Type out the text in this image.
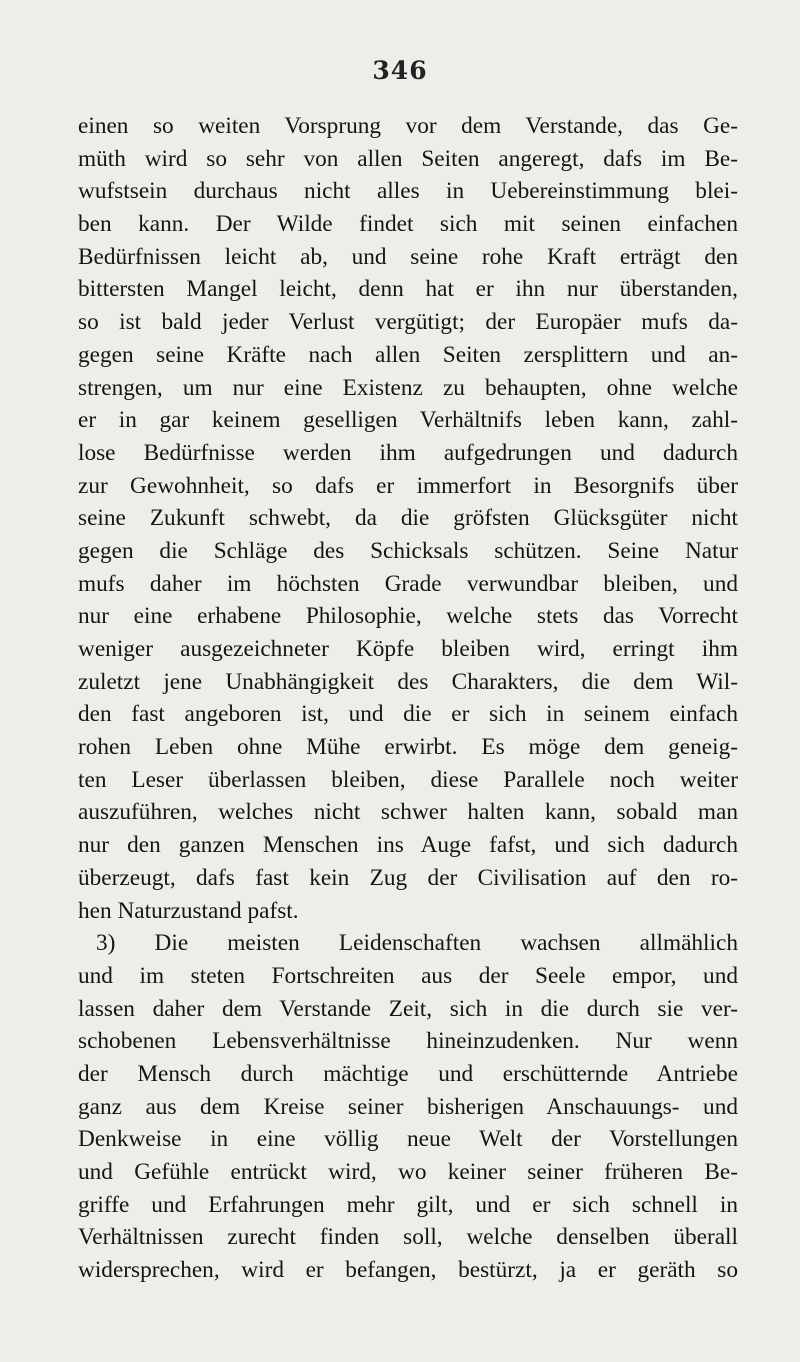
346
einen so weiten Vorsprung vor dem Verstande, das Ge-
müth wird so sehr von allen Seiten angeregt, dafs im Be-
wufstsein durchaus nicht alles in Uebereinstimmung blei-
ben kann. Der Wilde findet sich mit seinen einfachen
Bedürfnissen leicht ab, und seine rohe Kraft erträgt den
bittersten Mangel leicht, denn hat er ihn nur überstanden,
so ist bald jeder Verlust vergütigt; der Europäer mufs da-
gegen seine Kräfte nach allen Seiten zersplittern und an-
strengen, um nur eine Existenz zu behaupten, ohne welche
er in gar keinem geselligen Verhältnifs leben kann, zahl-
lose Bedürfnisse werden ihm aufgedrungen und dadurch
zur Gewohnheit, so dafs er immerfort in Besorgnifs über
seine Zukunft schwebt, da die gröfsten Glücksgüter nicht
gegen die Schläge des Schicksals schützen. Seine Natur
mufs daher im höchsten Grade verwundbar bleiben, und
nur eine erhabene Philosophie, welche stets das Vorrecht
weniger ausgezeichneter Köpfe bleiben wird, erringt ihm
zuletzt jene Unabhängigkeit des Charakters, die dem Wil-
den fast angeboren ist, und die er sich in seinem einfach
rohen Leben ohne Mühe erwirbt. Es möge dem geneig-
ten Leser überlassen bleiben, diese Parallele noch weiter
auszuführen, welches nicht schwer halten kann, sobald man
nur den ganzen Menschen ins Auge fafst, und sich dadurch
überzeugt, dafs fast kein Zug der Civilisation auf den ro-
hen Naturzustand pafst.
3) Die meisten Leidenschaften wachsen allmählich
und im steten Fortschreiten aus der Seele empor, und
lassen daher dem Verstande Zeit, sich in die durch sie ver-
schobenen Lebensverhältnisse hineinzudenken. Nur wenn
der Mensch durch mächtige und erschütternde Antriebe
ganz aus dem Kreise seiner bisherigen Anschauungs- und
Denkweise in eine völlig neue Welt der Vorstellungen
und Gefühle entrückt wird, wo keiner seiner früheren Be-
griffe und Erfahrungen mehr gilt, und er sich schnell in
Verhältnissen zurecht finden soll, welche denselben überall
widersprechen, wird er befangen, bestürzt, ja er geräth so
